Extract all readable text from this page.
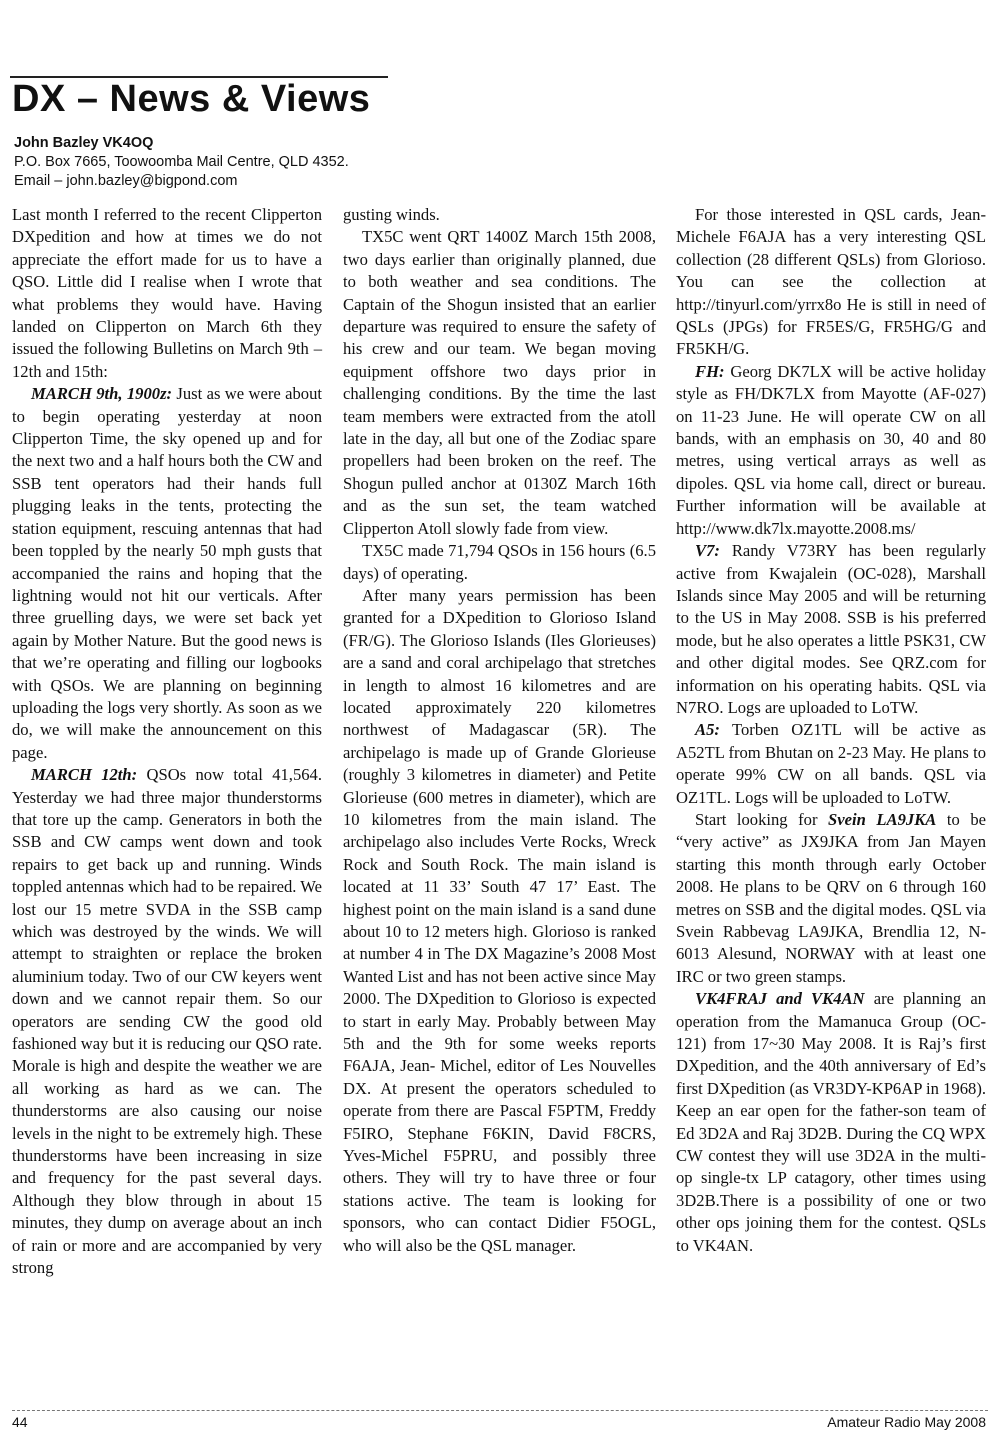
DX – News & Views
John Bazley VK4OQ
P.O. Box 7665, Toowoomba Mail Centre, QLD 4352.
Email – john.bazley@bigpond.com

Last month I referred to the recent Clipperton DXpedition and how at times we do not appreciate the effort made for us to have a QSO. Little did I realise when I wrote that what problems they would have. Having landed on Clipperton on March 6th they issued the following Bulletins on March 9th – 12th and 15th:

MARCH 9th, 1900z: Just as we were about to begin operating yesterday at noon Clipperton Time, the sky opened up and for the next two and a half hours both the CW and SSB tent operators had their hands full plugging leaks in the tents, protecting the station equipment, rescuing antennas that had been toppled by the nearly 50 mph gusts that accompanied the rains and hoping that the lightning would not hit our verticals. After three gruelling days, we were set back yet again by Mother Nature. But the good news is that we’re operating and filling our logbooks with QSOs. We are planning on beginning uploading the logs very shortly. As soon as we do, we will make the announcement on this page.

MARCH 12th: QSOs now total 41,564. Yesterday we had three major thunderstorms that tore up the camp. Generators in both the SSB and CW camps went down and took repairs to get back up and running. Winds toppled antennas which had to be repaired. We lost our 15 metre SVDA in the SSB camp which was destroyed by the winds. We will attempt to straighten or replace the broken aluminium today. Two of our CW keyers went down and we cannot repair them. So our operators are sending CW the good old fashioned way but it is reducing our QSO rate. Morale is high and despite the weather we are all working as hard as we can. The thunderstorms are also causing our noise levels in the night to be extremely high. These thunderstorms have been increasing in size and frequency for the past several days. Although they blow through in about 15 minutes, they dump on average about an inch of rain or more and are accompanied by very strong

gusting winds.

TX5C went QRT 1400Z March 15th 2008, two days earlier than originally planned, due to both weather and sea conditions. The Captain of the Shogun insisted that an earlier departure was required to ensure the safety of his crew and our team. We began moving equipment offshore two days prior in challenging conditions. By the time the last team members were extracted from the atoll late in the day, all but one of the Zodiac spare propellers had been broken on the reef. The Shogun pulled anchor at 0130Z March 16th and as the sun set, the team watched Clipperton Atoll slowly fade from view.

TX5C made 71,794 QSOs in 156 hours (6.5 days) of operating.

After many years permission has been granted for a DXpedition to Glorioso Island (FR/G). The Glorioso Islands (Iles Glorieuses) are a sand and coral archipelago that stretches in length to almost 16 kilometres and are located approximately 220 kilometres northwest of Madagascar (5R). The archipelago is made up of Grande Glorieuse (roughly 3 kilometres in diameter) and Petite Glorieuse (600 metres in diameter), which are 10 kilometres from the main island. The archipelago also includes Verte Rocks, Wreck Rock and South Rock. The main island is located at 11 33’ South 47 17’ East. The highest point on the main island is a sand dune about 10 to 12 meters high. Glorioso is ranked at number 4 in The DX Magazine’s 2008 Most Wanted List and has not been active since May 2000. The DXpedition to Glorioso is expected to start in early May. Probably between May 5th and the 9th for some weeks reports F6AJA, Jean- Michel, editor of Les Nouvelles DX. At present the operators scheduled to operate from there are Pascal F5PTM, Freddy F5IRO, Stephane F6KIN, David F8CRS, Yves-Michel F5PRU, and possibly three others. They will try to have three or four stations active. The team is looking for sponsors, who can contact Didier F5OGL, who will also be the QSL manager.

For those interested in QSL cards, Jean-Michele F6AJA has a very interesting QSL collection (28 different QSLs) from Glorioso. You can see the collection at http://tinyurl.com/yrrx8o He is still in need of QSLs (JPGs) for FR5ES/G, FR5HG/G and FR5KH/G.

FH: Georg DK7LX will be active holiday style as FH/DK7LX from Mayotte (AF-027) on 11-23 June. He will operate CW on all bands, with an emphasis on 30, 40 and 80 metres, using vertical arrays as well as dipoles. QSL via home call, direct or bureau. Further information will be available at http://www.dk7lx.mayotte.2008.ms/

V7: Randy V73RY has been regularly active from Kwajalein (OC-028), Marshall Islands since May 2005 and will be returning to the US in May 2008. SSB is his preferred mode, but he also operates a little PSK31, CW and other digital modes. See QRZ.com for information on his operating habits. QSL via N7RO. Logs are uploaded to LoTW.

A5: Torben OZ1TL will be active as A52TL from Bhutan on 2-23 May. He plans to operate 99% CW on all bands. QSL via OZ1TL. Logs will be uploaded to LoTW.

Start looking for Svein LA9JKA to be “very active” as JX9JKA from Jan Mayen starting this month through early October 2008. He plans to be QRV on 6 through 160 metres on SSB and the digital modes. QSL via Svein Rabbevag LA9JKA, Brendlia 12, N-6013 Alesund, NORWAY with at least one IRC or two green stamps.

VK4FRAJ and VK4AN are planning an operation from the Mamanuca Group (OC-121) from 17~30 May 2008. It is Raj’s first DXpedition, and the 40th anniversary of Ed’s first DXpedition (as VR3DY-KP6AP in 1968). Keep an ear open for the father-son team of Ed 3D2A and Raj 3D2B. During the CQ WPX CW contest they will use 3D2A in the multi-op single-tx LP catagory, other times using 3D2B.There is a possibility of one or two other ops joining them for the contest. QSLs to VK4AN.

44	Amateur Radio May 2008
